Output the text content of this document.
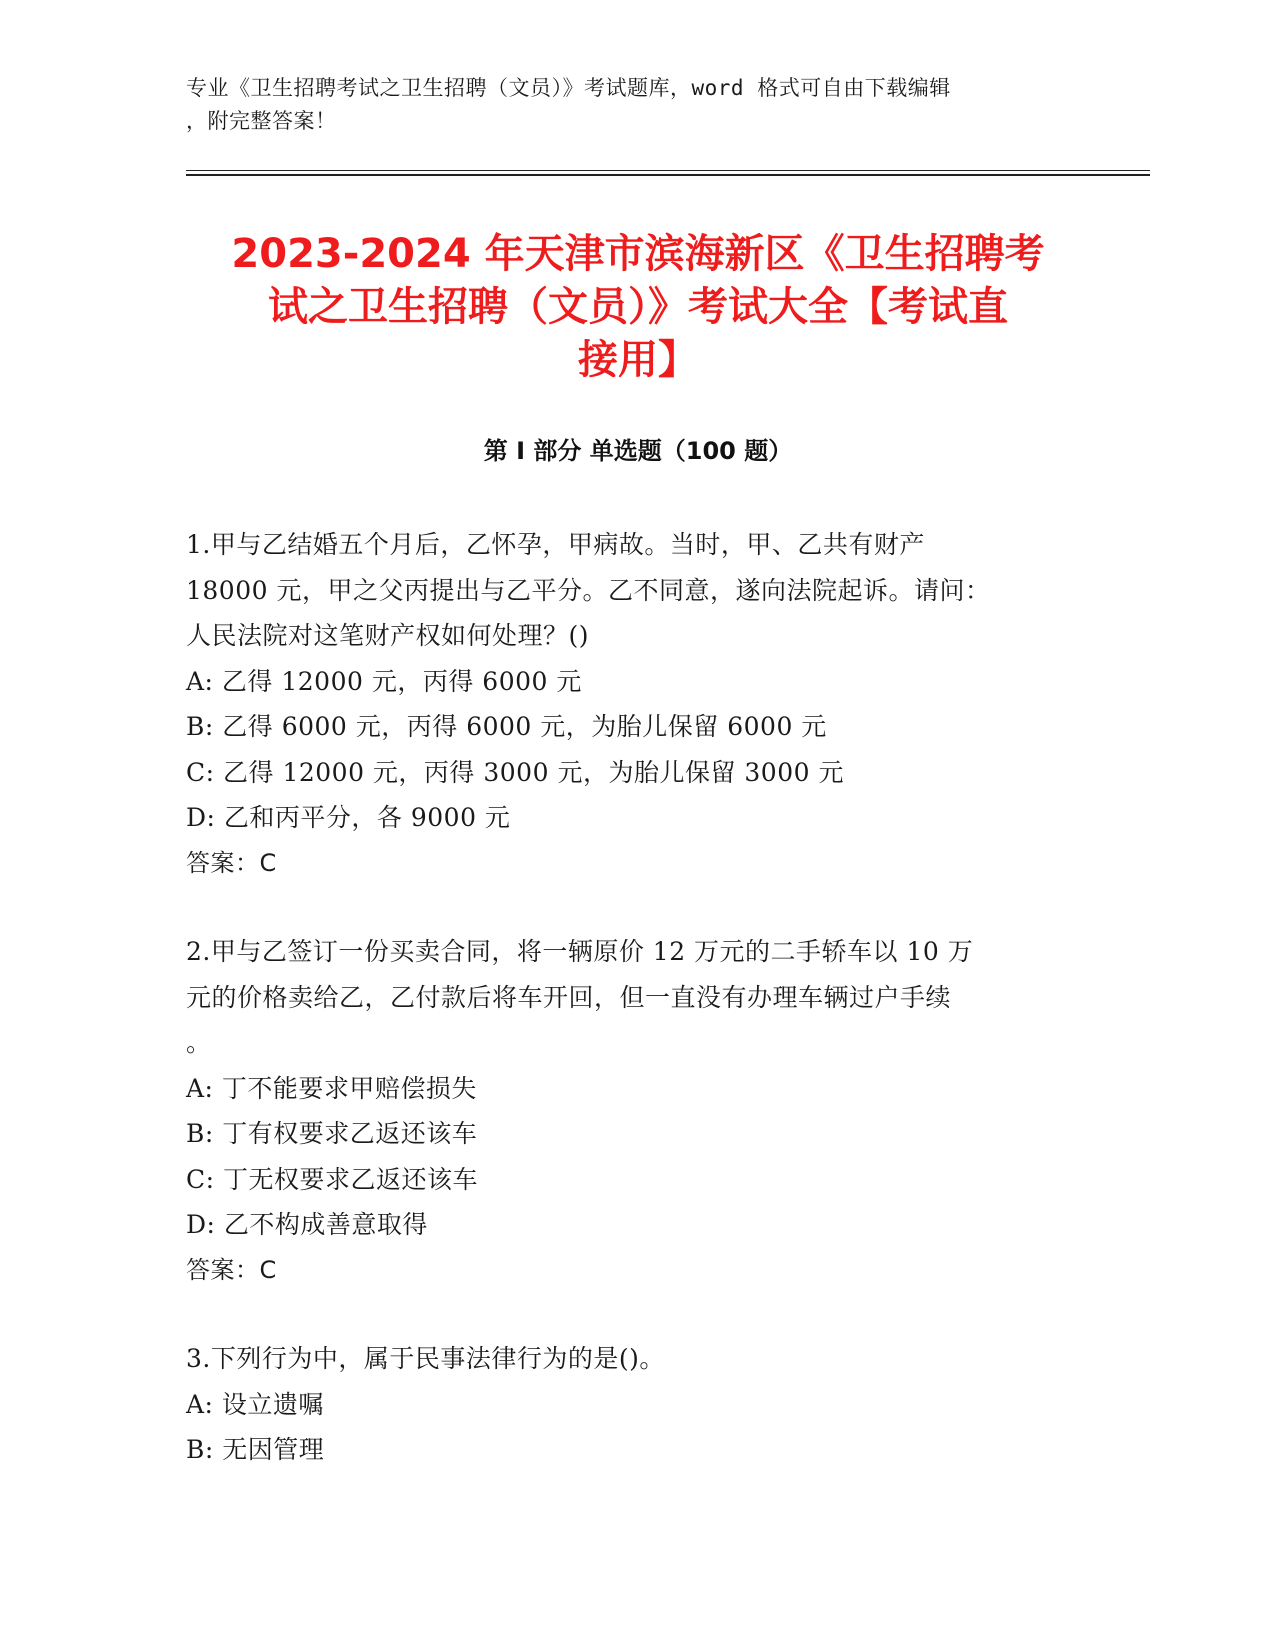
专业《卫生招聘考试之卫生招聘（文员）》考试题库，word 格式可自由下载编辑
，附完整答案！
2023-2024 年天津市滨海新区《卫生招聘考
试之卫生招聘（文员）》考试大全【考试直
接用】
第 I 部分 单选题（100 题）
1.甲与乙结婚五个月后，乙怀孕，甲病故。当时，甲、乙共有财产
18000 元，甲之父丙提出与乙平分。乙不同意，遂向法院起诉。请问：
人民法院对这笔财产权如何处理？()
A: 乙得 12000 元，丙得 6000 元
B: 乙得 6000 元，丙得 6000 元，为胎儿保留 6000 元
C: 乙得 12000 元，丙得 3000 元，为胎儿保留 3000 元
D: 乙和丙平分，各 9000 元
答案：C
2.甲与乙签订一份买卖合同，将一辆原价 12 万元的二手轿车以 10 万
元的价格卖给乙，乙付款后将车开回，但一直没有办理车辆过户手续
。
A: 丁不能要求甲赔偿损失
B: 丁有权要求乙返还该车
C: 丁无权要求乙返还该车
D: 乙不构成善意取得
答案：C
3.下列行为中，属于民事法律行为的是()。
A: 设立遗嘱
B: 无因管理
